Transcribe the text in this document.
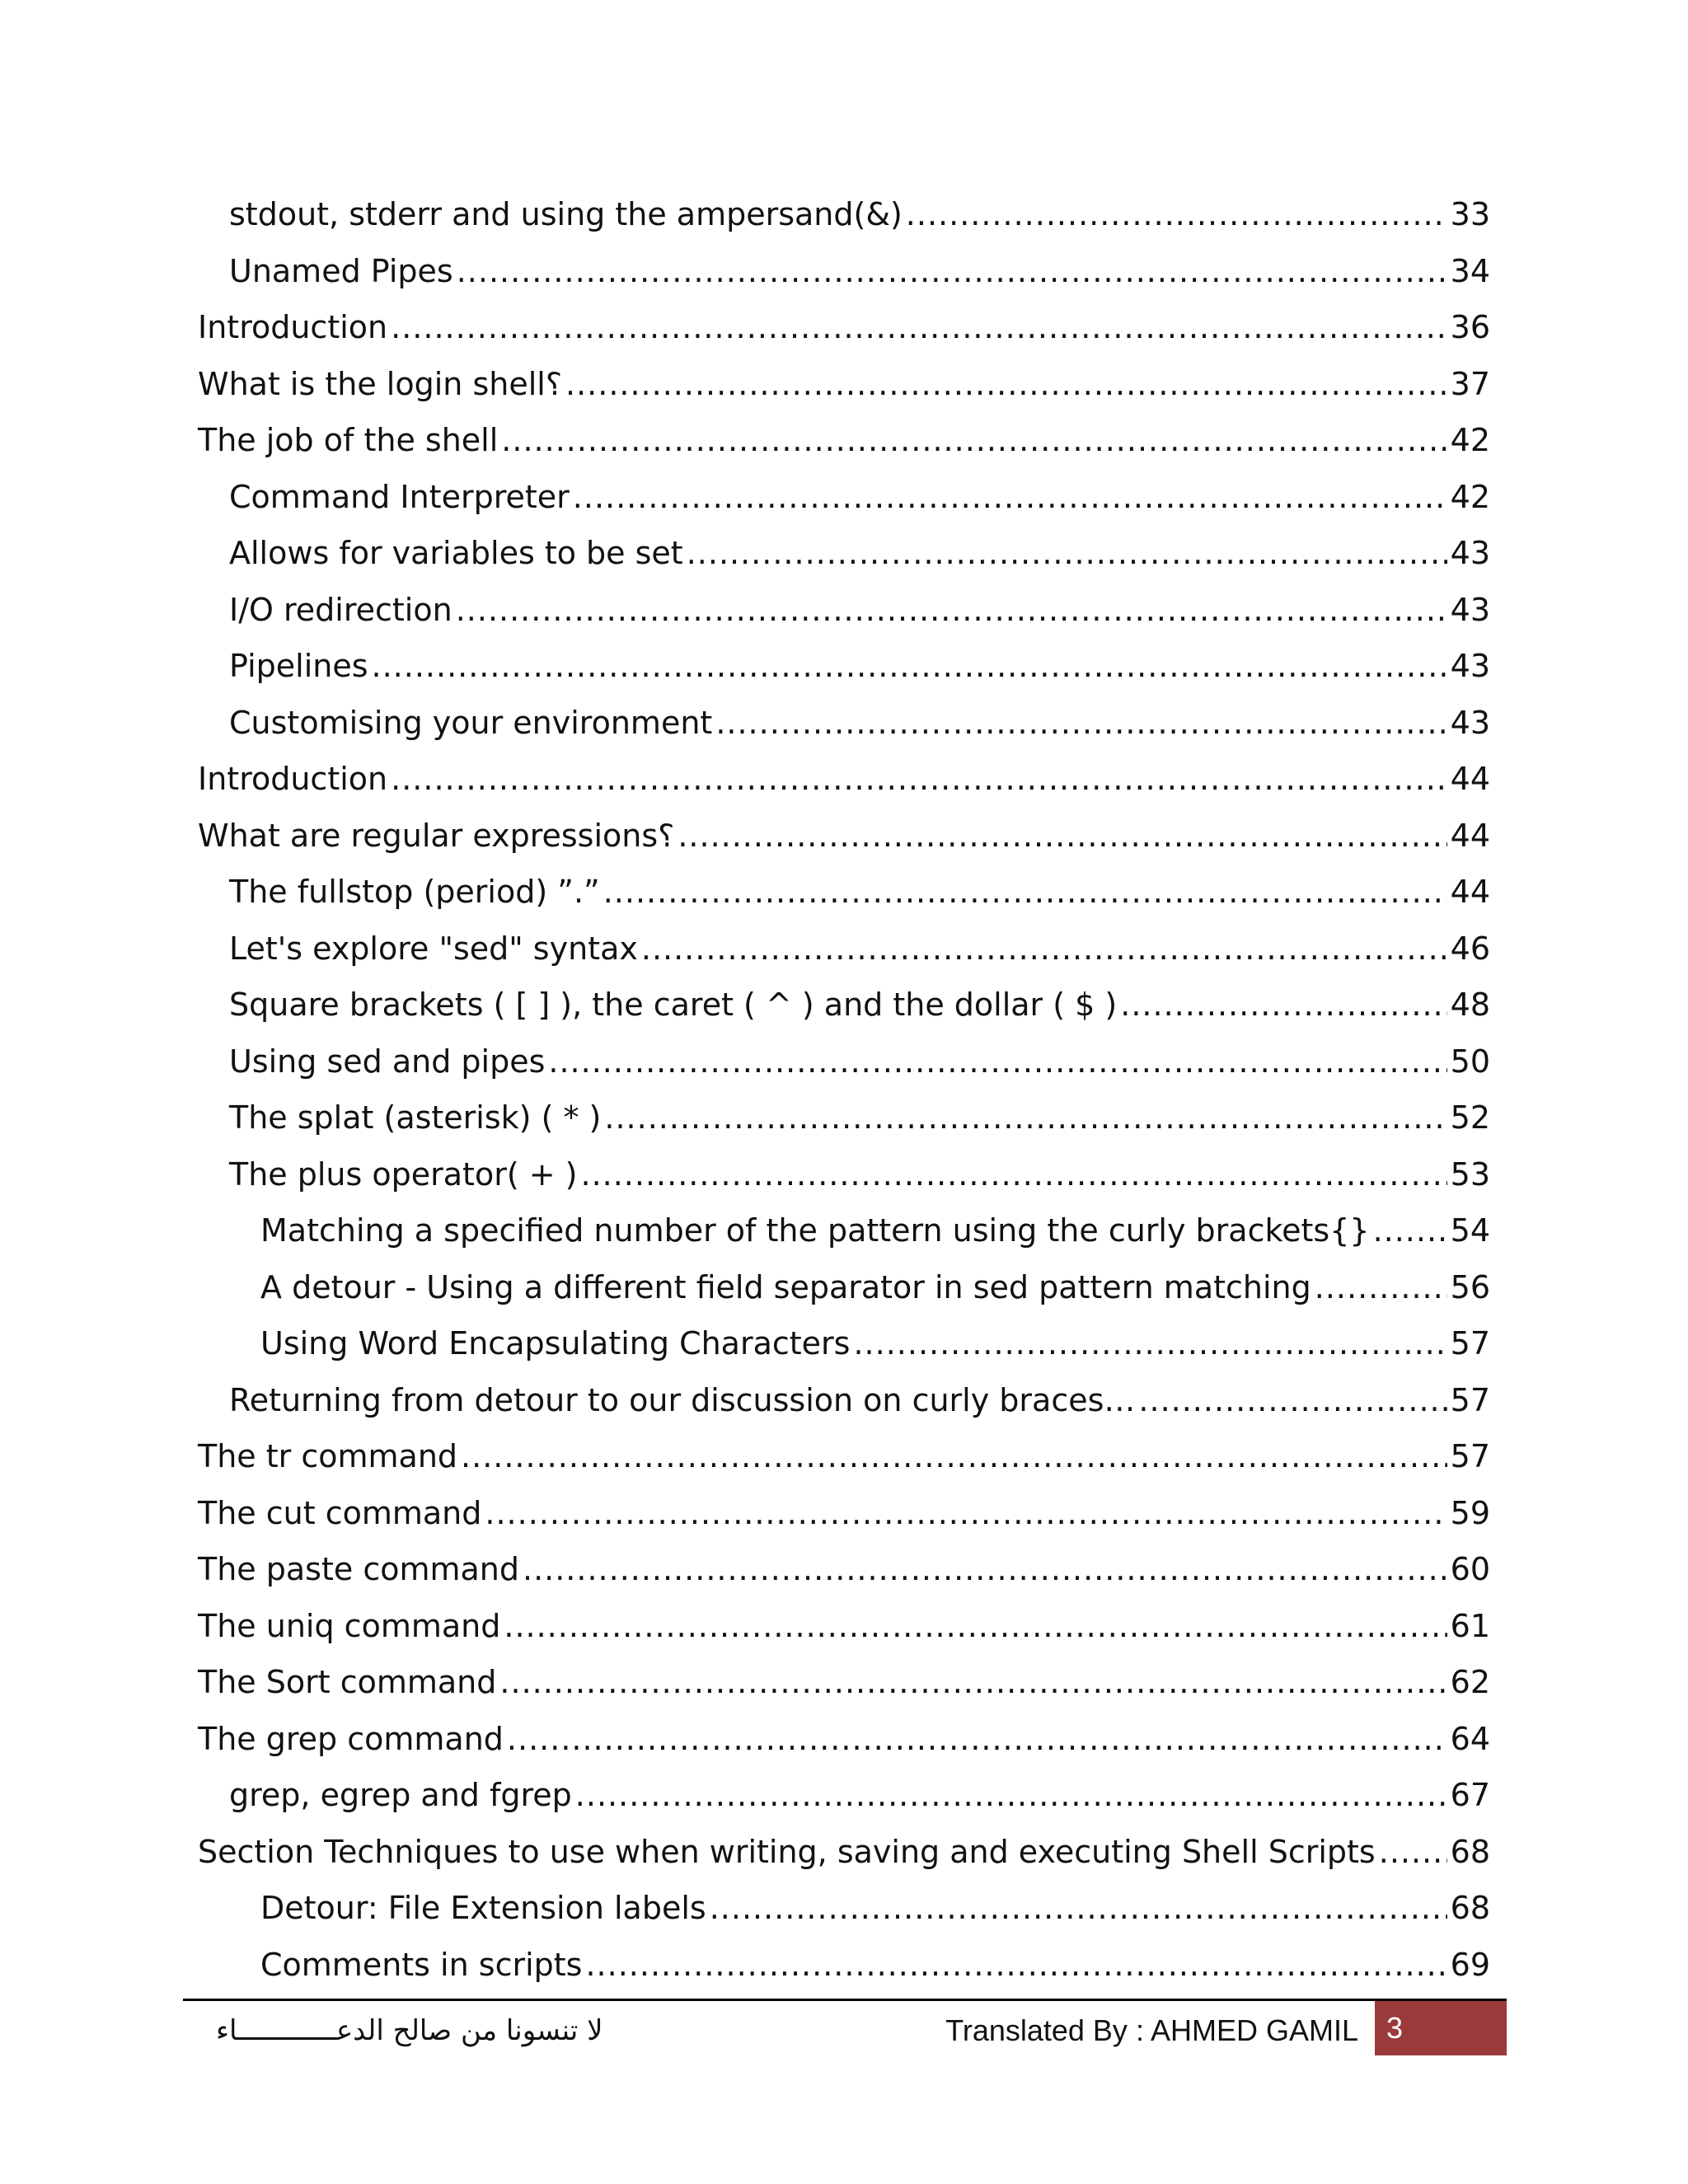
stdout, stderr and using the ampersand(&) .....	33
Unamed Pipes .....	34
Introduction .....	36
What is the login shell؟ .....	37
The job of the shell .....	42
Command Interpreter .....	42
Allows for variables to be set .....	43
I/O redirection .....	43
Pipelines .....	43
Customising your environment .....	43
Introduction .....	44
What are regular expressions؟ .....	44
The fullstop (period) ”.” .....	44
Let's explore "sed" syntax .....	46
Square brackets ( [ ] ), the caret ( ^ ) and the dollar ( $ ) .....	48
Using sed and pipes .....	50
The splat (asterisk) ( * ) .....	52
The plus operator( + ) .....	53
Matching a specified number of the pattern using the curly brackets{} .....	54
A detour - Using a different field separator in sed pattern matching .....	56
Using Word Encapsulating Characters .....	57
Returning from detour to our discussion on curly braces… .....	57
The tr command .....	57
The cut command .....	59
The paste command .....	60
The uniq command .....	61
The Sort command .....	62
The grep command .....	64
grep, egrep and fgrep .....	67
Section Techniques to use when writing, saving and executing Shell Scripts ..... 68
Detour: File Extension labels .....	68
Comments in scripts .....	69
لا تنسونا من صالح الدعــــــــــــاء	Translated By : AHMED GAMIL 3
